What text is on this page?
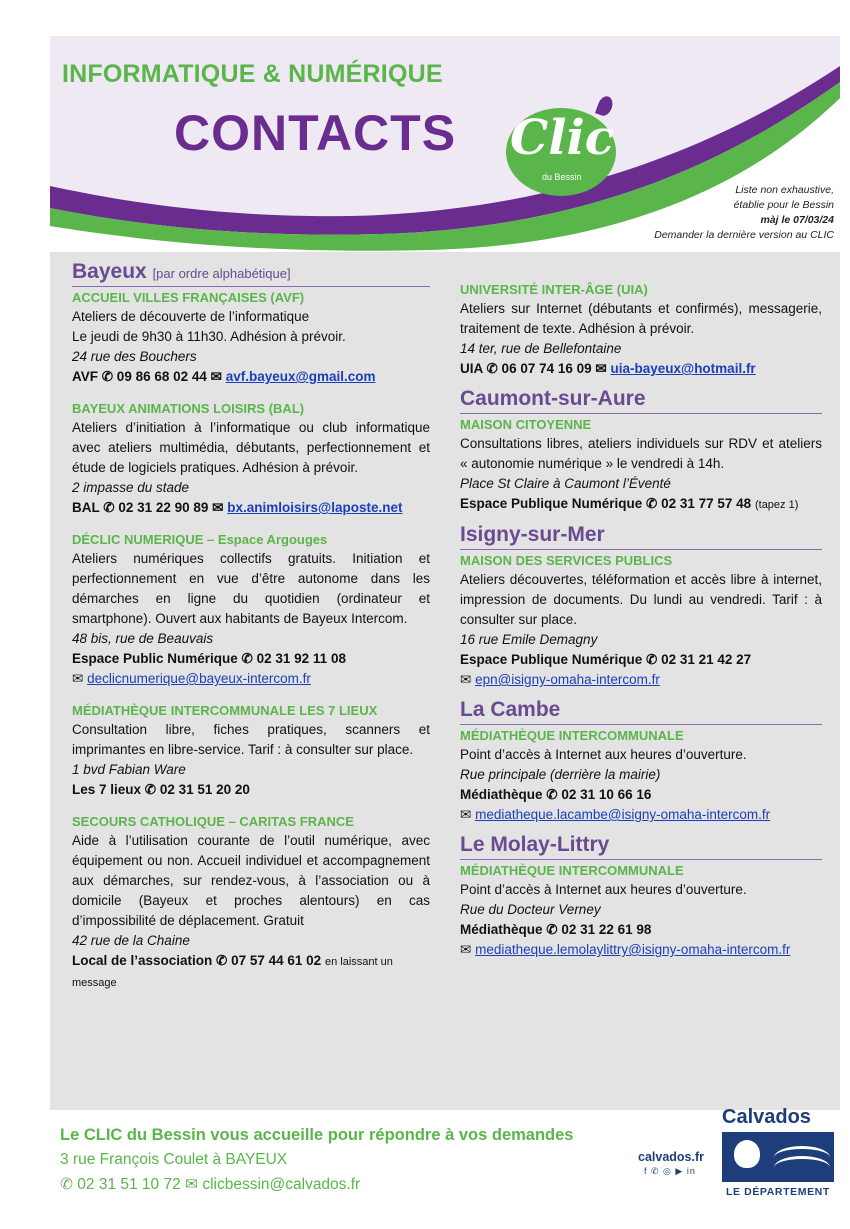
INFORMATIQUE & NUMÉRIQUE
CONTACTS Clic
du Bessin
Liste non exhaustive,
établie pour le Bessin
màj le 07/03/24
Demander la dernière version au CLIC
Bayeux [par ordre alphabétique]
ACCUEIL VILLES FRANÇAISES (AVF)
Ateliers de découverte de l’informatique
Le jeudi de 9h30 à 11h30. Adhésion à prévoir.
24 rue des Bouchers
AVF ✆ 09 86 68 02 44 ✉ avf.bayeux@gmail.com
BAYEUX ANIMATIONS LOISIRS (BAL)
Ateliers d’initiation à l’informatique ou club informatique avec ateliers multimédia, débutants, perfectionnement et étude de logiciels pratiques. Adhésion à prévoir.
2 impasse du stade
BAL ✆ 02 31 22 90 89 ✉ bx.animloisirs@laposte.net
DÉCLIC NUMERIQUE – Espace Argouges
Ateliers numériques collectifs gratuits. Initiation et perfectionnement en vue d’être autonome dans les démarches en ligne du quotidien (ordinateur et smartphone). Ouvert aux habitants de Bayeux Intercom.
48 bis, rue de Beauvais
Espace Public Numérique ✆ 02 31 92 11 08
✉ declicnumerique@bayeux-intercom.fr
MÉDIATHÈQUE INTERCOMMUNALE LES 7 LIEUX
Consultation libre, fiches pratiques, scanners et imprimantes en libre-service. Tarif : à consulter sur place.
1 bvd Fabian Ware
Les 7 lieux ✆ 02 31 51 20 20
SECOURS CATHOLIQUE – CARITAS FRANCE
Aide à l’utilisation courante de l’outil numérique, avec équipement ou non. Accueil individuel et accompagnement aux démarches, sur rendez-vous, à l’association ou à domicile (Bayeux et proches alentours) en cas d’impossibilité de déplacement. Gratuit
42 rue de la Chaine
Local de l’association ✆ 07 57 44 61 02 en laissant un message
UNIVERSITÉ INTER-ÂGE (UIA)
Ateliers sur Internet (débutants et confirmés), messagerie, traitement de texte. Adhésion à prévoir.
14 ter, rue de Bellefontaine
UIA ✆ 06 07 74 16 09 ✉ uia-bayeux@hotmail.fr
Caumont-sur-Aure
MAISON CITOYENNE
Consultations libres, ateliers individuels sur RDV et ateliers « autonomie numérique » le vendredi à 14h.
Place St Claire à Caumont l’Éventé
Espace Publique Numérique ✆ 02 31 77 57 48 (tapez 1)
Isigny-sur-Mer
MAISON DES SERVICES PUBLICS
Ateliers découvertes, téléformation et accès libre à internet, impression de documents. Du lundi au vendredi. Tarif : à consulter sur place.
16 rue Emile Demagny
Espace Publique Numérique ✆ 02 31 21 42 27
✉ epn@isigny-omaha-intercom.fr
La Cambe
MÉDIATHÈQUE INTERCOMMUNALE
Point d’accès à Internet aux heures d’ouverture.
Rue principale (derrière la mairie)
Médiathèque ✆ 02 31 10 66 16
✉ mediatheque.lacambe@isigny-omaha-intercom.fr
Le Molay-Littry
MÉDIATHÈQUE INTERCOMMUNALE
Point d’accès à Internet aux heures d’ouverture.
Rue du Docteur Verney
Médiathèque ✆ 02 31 22 61 98
✉ mediatheque.lemolaylittry@isigny-omaha-intercom.fr
Le CLIC du Bessin vous accueille pour répondre à vos demandes
3 rue François Coulet à BAYEUX
✆ 02 31 51 10 72 ✉ clicbessin@calvados.fr
calvados.fr
f ✆ ◎ ▶ in
Calvados
LE DÉPARTEMENT
